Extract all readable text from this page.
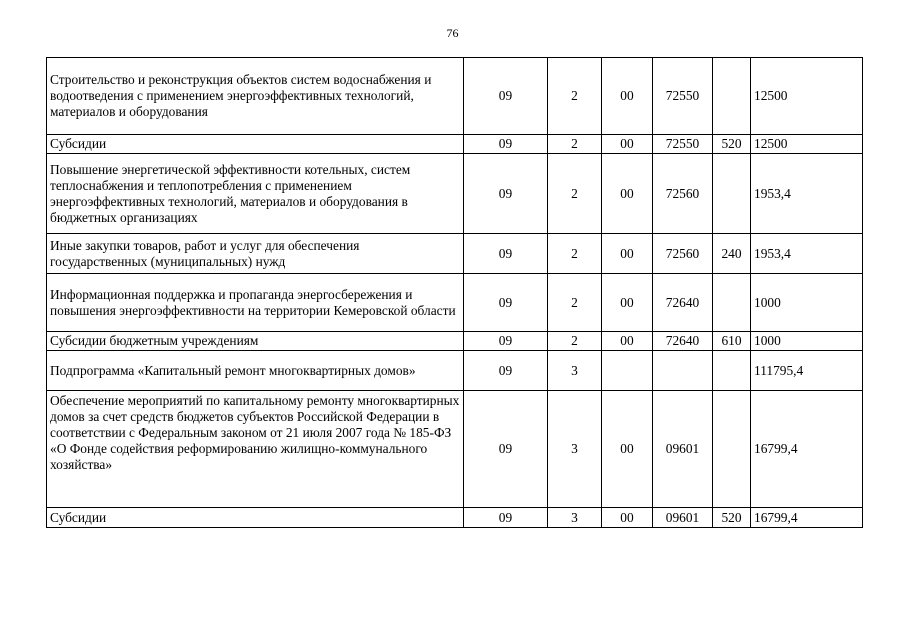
76
Строительство и реконструкция объектов систем водоснабжения и водоотведения с применением энергоэффективных технологий, материалов и оборудования	09	2	00	72550		12500
Субсидии	09	2	00	72550	520	12500
Повышение энергетической эффективности котельных, систем теплоснабжения и теплопотребления с применением энергоэффективных технологий, материалов и оборудования в бюджетных организациях	09	2	00	72560		1953,4
Иные закупки товаров, работ и услуг для обеспечения государственных (муниципальных) нужд	09	2	00	72560	240	1953,4
Информационная поддержка и пропаганда энергосбережения и повышения энергоэффективности на территории Кемеровской области	09	2	00	72640		1000
Субсидии бюджетным учреждениям	09	2	00	72640	610	1000
Подпрограмма «Капитальный ремонт многоквартирных домов»	09	3				111795,4
Обеспечение мероприятий по капитальному ремонту многоквартирных домов за счет средств бюджетов субъектов Российской Федерации в соответствии с Федеральным законом от 21 июля 2007 года № 185-ФЗ «О Фонде содействия реформированию жилищно-коммунального хозяйства»	09	3	00	09601		16799,4
Субсидии	09	3	00	09601	520	16799,4
